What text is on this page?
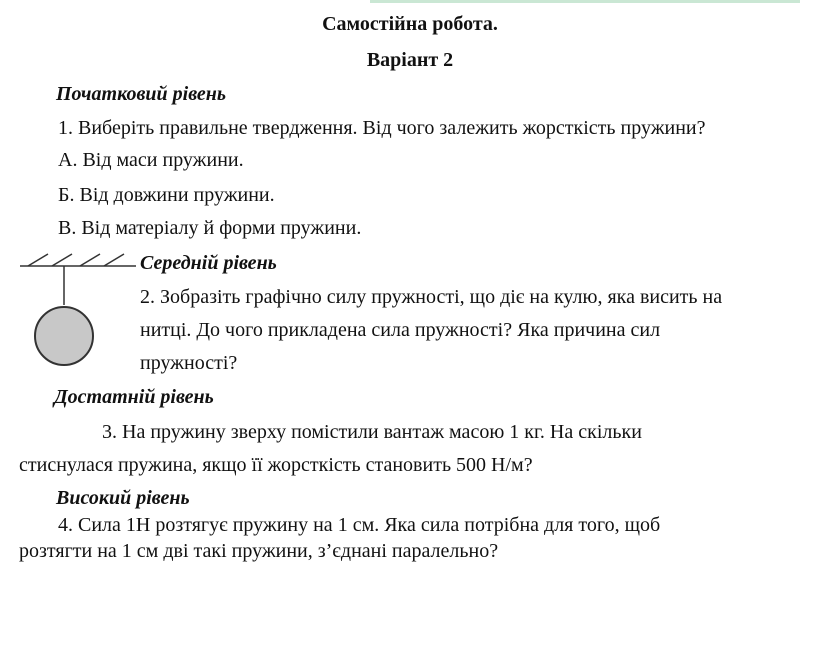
Самостійна робота.
Варіант 2
Початковий рівень
1. Виберіть правильне твердження. Від чого залежить жорсткість пружини?
А. Від маси пружини.
Б. Від довжини пружини.
В. Від матеріалу й форми пружини.
Середній рівень
2. Зобразіть графічно силу пружності, що діє на кулю, яка висить на
нитці. До чого прикладена сила пружності? Яка причина сил
пружності?
Достатній рівень
3. На пружину зверху помістили вантаж масою 1 кг. На скільки
стиснулася пружина, якщо її жорсткість становить 500 Н/м?
Високий рівень
4. Сила 1Н розтягує пружину на 1 см. Яка сила потрібна для того, щоб
розтягти на 1 см дві такі пружини, з’єднані паралельно?
